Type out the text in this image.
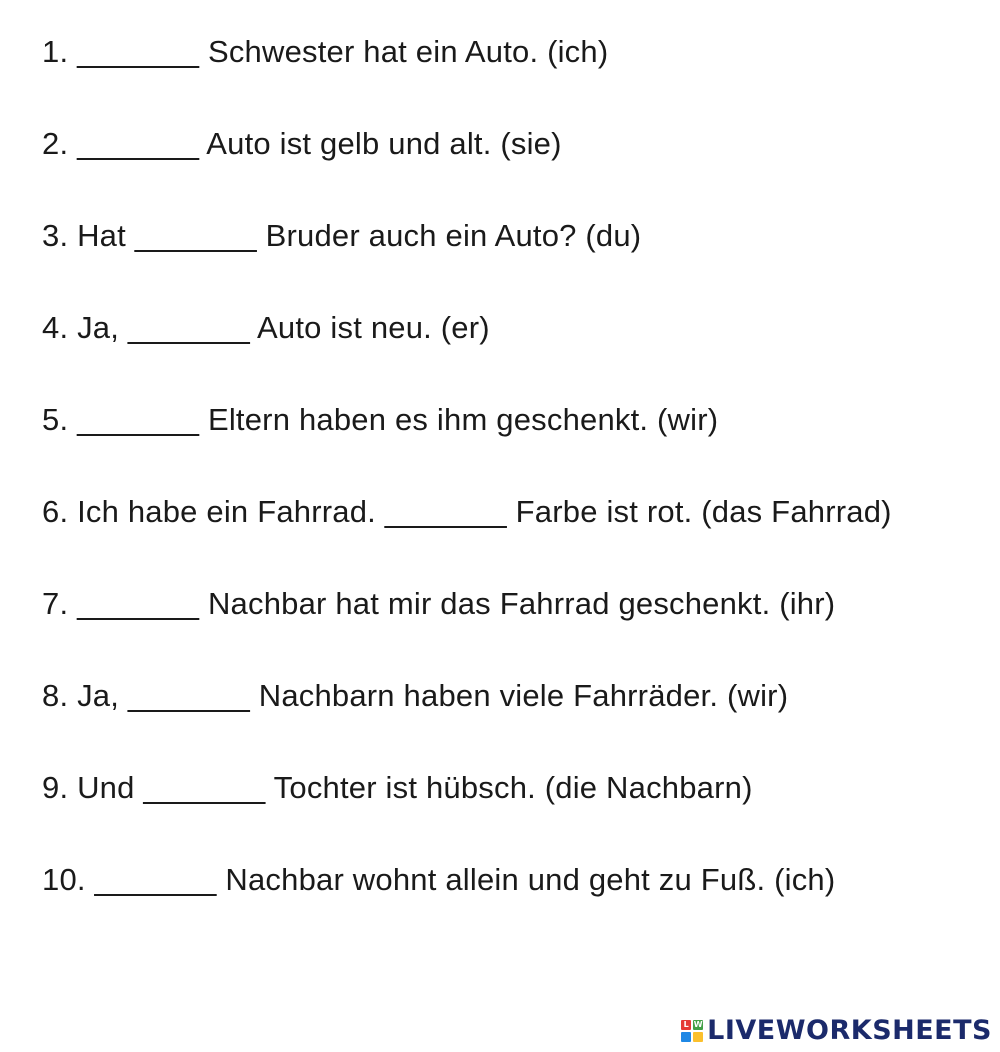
1. _______ Schwester hat ein Auto. (ich)
2. _______ Auto ist gelb und alt. (sie)
3. Hat _______ Bruder auch ein Auto? (du)
4. Ja, _______ Auto ist neu. (er)
5. _______ Eltern haben es ihm geschenkt. (wir)
6. Ich habe ein Fahrrad. _______ Farbe ist rot. (das Fahrrad)
7. _______ Nachbar hat mir das Fahrrad geschenkt. (ihr)
8. Ja, _______ Nachbarn haben viele Fahrräder. (wir)
9. Und _______ Tochter ist hübsch. (die Nachbarn)
10. _______ Nachbar wohnt allein und geht zu Fuß. (ich)
L W LIVEWORKSHEETS
